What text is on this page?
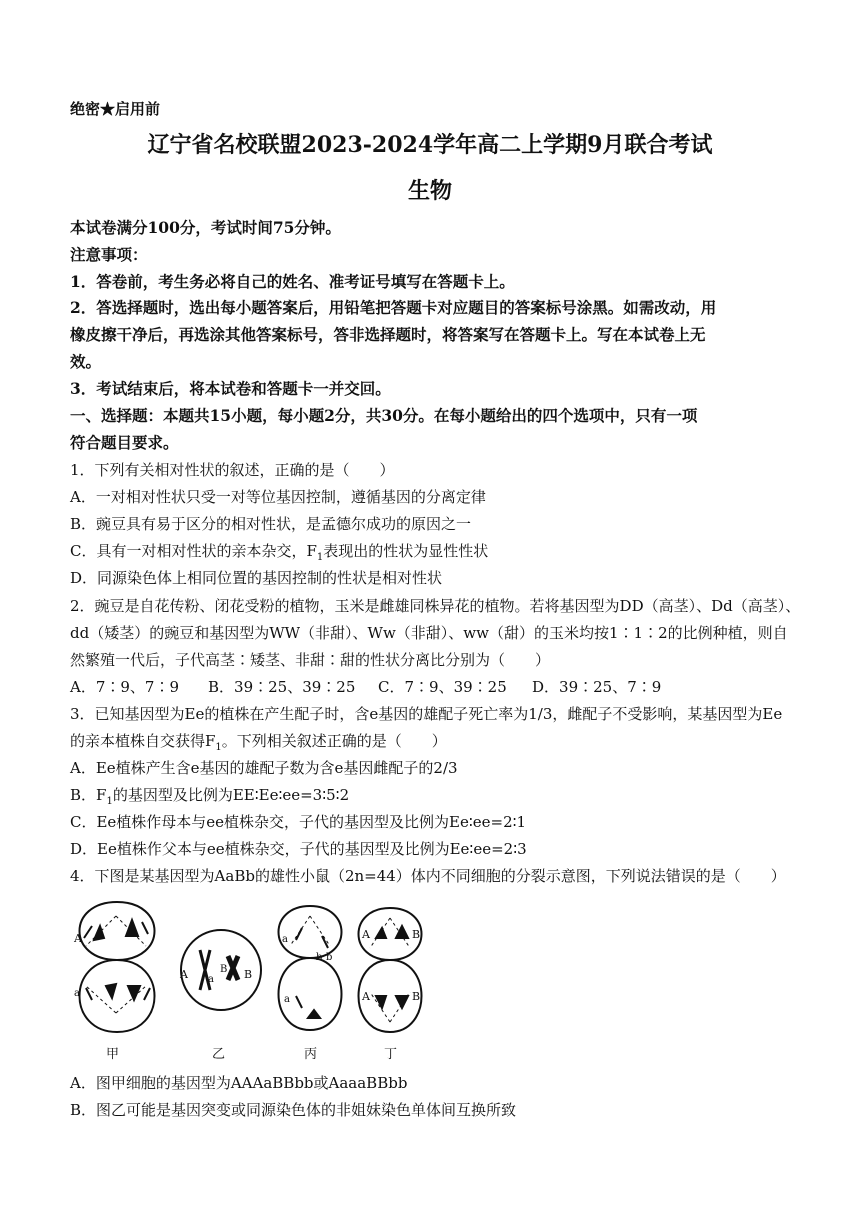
绝密★启用前
辽宁省名校联盟2023-2024学年高二上学期9月联合考试
生物
本试卷满分100分，考试时间75分钟。
注意事项：
1．答卷前，考生务必将自己的姓名、准考证号填写在答题卡上。
2．答选择题时，选出每小题答案后，用铅笔把答题卡对应题目的答案标号涂黑。如需改动，用
橡皮擦干净后，再选涂其他答案标号，答非选择题时，将答案写在答题卡上。写在本试卷上无
效。
3．考试结束后，将本试卷和答题卡一并交回。
一、选择题：本题共15小题，每小题2分，共30分。在每小题给出的四个选项中，只有一项
符合题目要求。
1．下列有关相对性状的叙述，正确的是（　　）
A．一对相对性状只受一对等位基因控制，遵循基因的分离定律
B．豌豆具有易于区分的相对性状，是孟德尔成功的原因之一
C．具有一对相对性状的亲本杂交，$F_1$表现出的性状为显性性状
D．同源染色体上相同位置的基因控制的性状是相对性状
2．豌豆是自花传粉、闭花受粉的植物，玉米是雌雄同株异花的植物。若将基因型为DD（高茎）、Dd（高茎）、
dd（矮茎）的豌豆和基因型为WW（非甜）、Ww（非甜）、ww（甜）的玉米均按1∶1∶2的比例种植，则自
然繁殖一代后，子代高茎∶矮茎、非甜∶甜的性状分离比分别为（　　）
A．7∶9、7∶9 B．39∶25、39∶25 C．7∶9、39∶25 D．39∶25、7∶9
3．已知基因型为Ee的植株在产生配子时，含e基因的雄配子死亡率为1/3，雌配子不受影响，某基因型为Ee
的亲本植株自交获得$F_1$。下列相关叙述正确的是（　　）
A．Ee植株产生含e基因的雄配子数为含e基因雌配子的2/3
B．$F_1$的基因型及比例为EE∶Ee∶ee=3∶5∶2
C．Ee植株作母本与ee植株杂交，子代的基因型及比例为Ee∶ee=2∶1
D．Ee植株作父本与ee植株杂交，子代的基因型及比例为Ee∶ee=2∶3
4．下图是某基因型为AaBb的雄性小鼠（2n=44）体内不同细胞的分裂示意图，下列说法错误的是（　　）
A
a
A a
B B
a
b b
a
A	B
A	B
甲	乙	丙	丁
A．图甲细胞的基因型为AAAaBBbb或AaaaBBbb
B．图乙可能是基因突变或同源染色体的非姐妹染色单体间互换所致
